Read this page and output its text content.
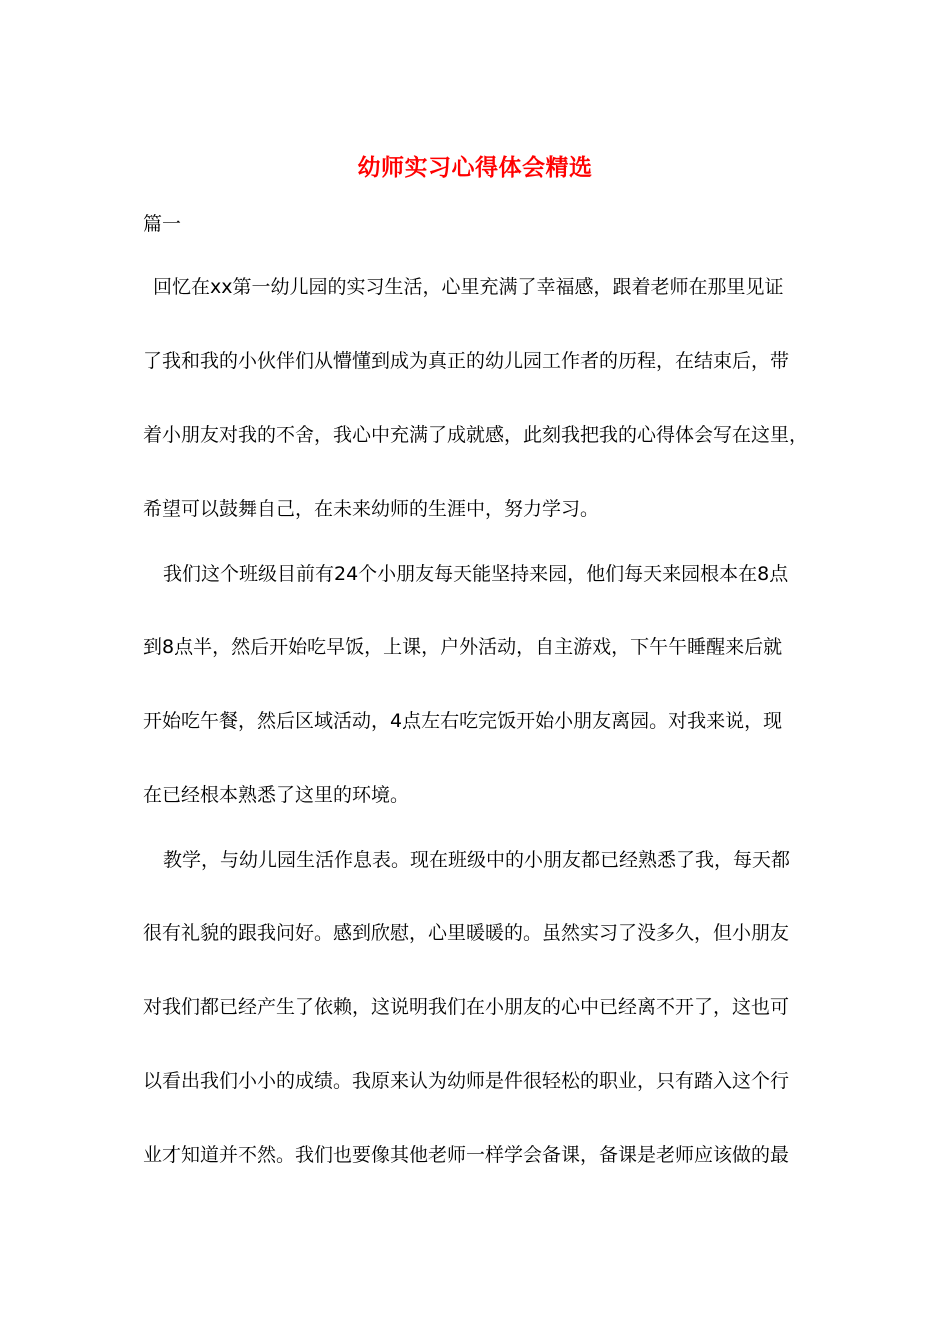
幼师实习心得体会精选
篇一
回忆在xx第一幼儿园的实习生活，心里充满了幸福感，跟着老师在那里见证
了我和我的小伙伴们从懵懂到成为真正的幼儿园工作者的历程，在结束后，带
着小朋友对我的不舍，我心中充满了成就感，此刻我把我的心得体会写在这里，
希望可以鼓舞自己，在未来幼师的生涯中，努力学习。
我们这个班级目前有24个小朋友每天能坚持来园，他们每天来园根本在8点
到8点半，然后开始吃早饭，上课，户外活动，自主游戏，下午午睡醒来后就
开始吃午餐，然后区域活动，4点左右吃完饭开始小朋友离园。对我来说，现
在已经根本熟悉了这里的环境。
教学，与幼儿园生活作息表。现在班级中的小朋友都已经熟悉了我，每天都
很有礼貌的跟我问好。感到欣慰，心里暖暖的。虽然实习了没多久，但小朋友
对我们都已经产生了依赖，这说明我们在小朋友的心中已经离不开了，这也可
以看出我们小小的成绩。我原来认为幼师是件很轻松的职业，只有踏入这个行
业才知道并不然。我们也要像其他老师一样学会备课，备课是老师应该做的最
